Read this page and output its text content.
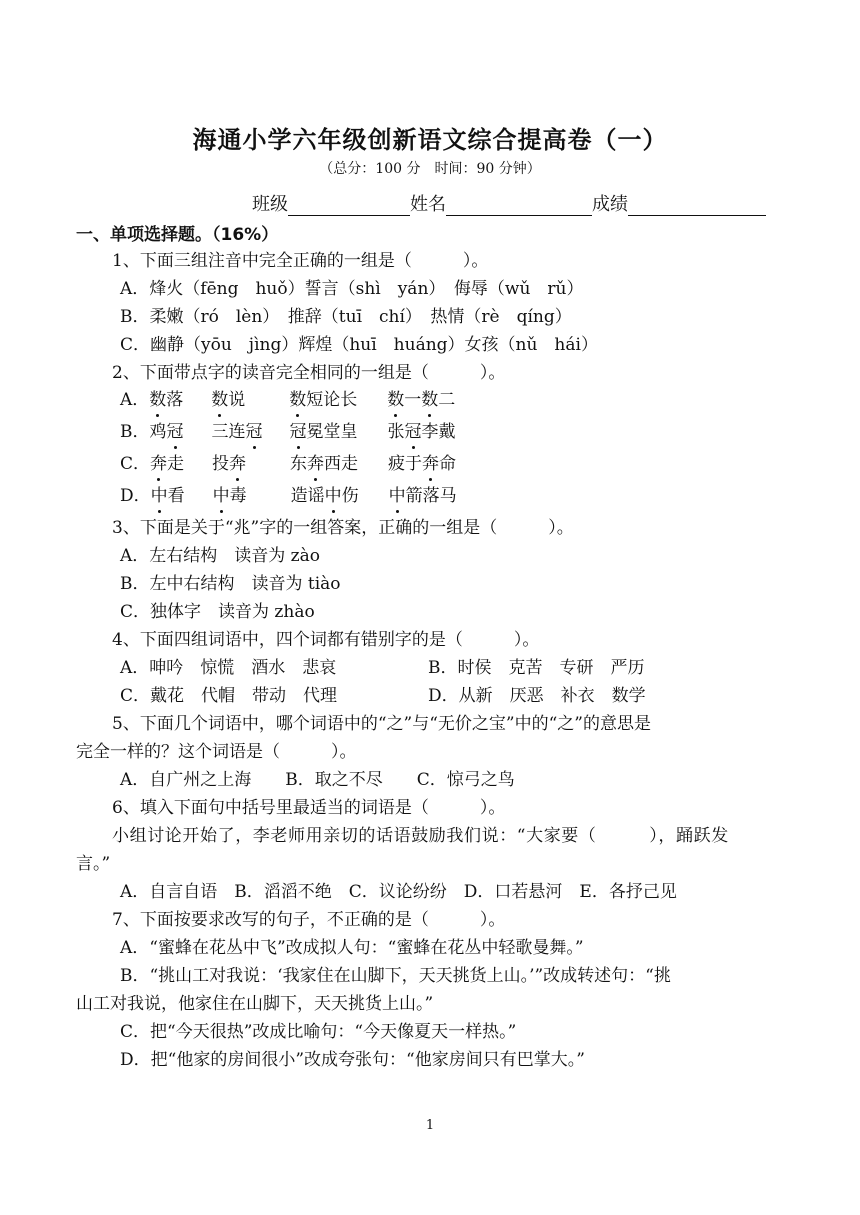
海通小学六年级创新语文综合提高卷（一）
（总分：100 分　时间：90 分钟）
班级	姓名	成绩
一、单项选择题。（16%）
1、下面三组注音中完全正确的一组是（　　　）。
A．烽火（fēng　huǒ）誓言（shì　yán）　侮辱（wǔ　rǔ）
B．柔嫩（ró　lèn）　推辞（tuī　chí）　热情（rè　qíng）
C．幽静（yōu　jìng）辉煌（huī　huáng）女孩（nǔ　hái）
2、下面带点字的读音完全相同的一组是（　　　）。
A．数落 数说	数短论长 数一数二
B．鸡冠 三连冠 冠冕堂皇 张冠李戴
C．奔走 投奔	东奔西走 疲于奔命
D．中看 中毒	造谣中伤 中箭落马
3、下面是关于“兆”字的一组答案，正确的一组是（　　　）。
A．左右结构　读音为 zào
B．左中右结构　读音为 tiào
C．独体字　读音为 zhào
4、下面四组词语中，四个词都有错别字的是（　　　）。
A．呻吟　惊慌　酒水　悲哀	B．时侯　克苦　专研　严历
C．戴花　代帽　带动　代理	D．从新　厌恶　补衣　数学
5、下面几个词语中，哪个词语中的“之”与“无价之宝”中的“之”的意思是
完全一样的？这个词语是（　　　）。
A．自广州之上海　　B．取之不尽　　C．惊弓之鸟
6、填入下面句中括号里最适当的词语是（　　　）。
小组讨论开始了，李老师用亲切的话语鼓励我们说：“大家要（　　　），踊跃发
言。”
A．自言自语　B．滔滔不绝　C．议论纷纷　D．口若悬河　E．各抒己见
7、下面按要求改写的句子，不正确的是（　　　）。
A．“蜜蜂在花丛中飞”改成拟人句：“蜜蜂在花丛中轻歌曼舞。”
B．“挑山工对我说：‘我家住在山脚下，天天挑货上山。’”改成转述句：“挑
山工对我说，他家住在山脚下，天天挑货上山。”
C．把“今天很热”改成比喻句：“今天像夏天一样热。”
D．把“他家的房间很小”改成夸张句：“他家房间只有巴掌大。”
1
